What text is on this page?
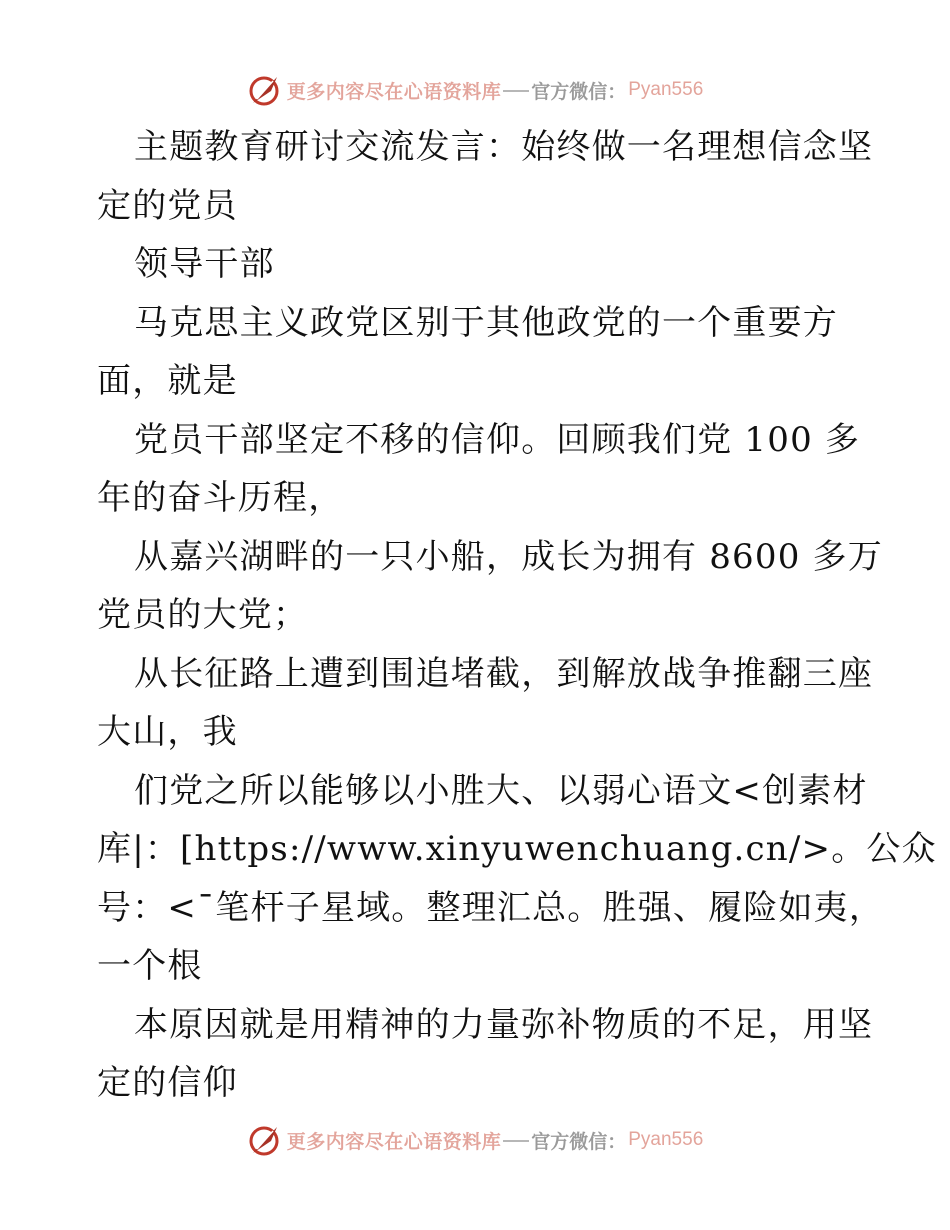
更多内容尽在心语资料库 官方微信： Pyan556
主题教育研讨交流发言：始终做一名理想信念坚
定的党员
领导干部
马克思主义政党区别于其他政党的一个重要方
面，就是
党员干部坚定不移的信仰。回顾我们党 100 多
年的奋斗历程，
从嘉兴湖畔的一只小船，成长为拥有 8600 多万
党员的大党；
从长征路上遭到围追堵截，到解放战争推翻三座
大山，我
们党之所以能够以小胜大、以弱心语文<创素材
库|：[https://www.xinyuwenchuang.cn/>。公众
号：<¯笔杆子星域。整理汇总。胜强、履险如夷，
一个根
本原因就是用精神的力量弥补物质的不足，用坚
定的信仰
更多内容尽在心语资料库 官方微信： Pyan556
